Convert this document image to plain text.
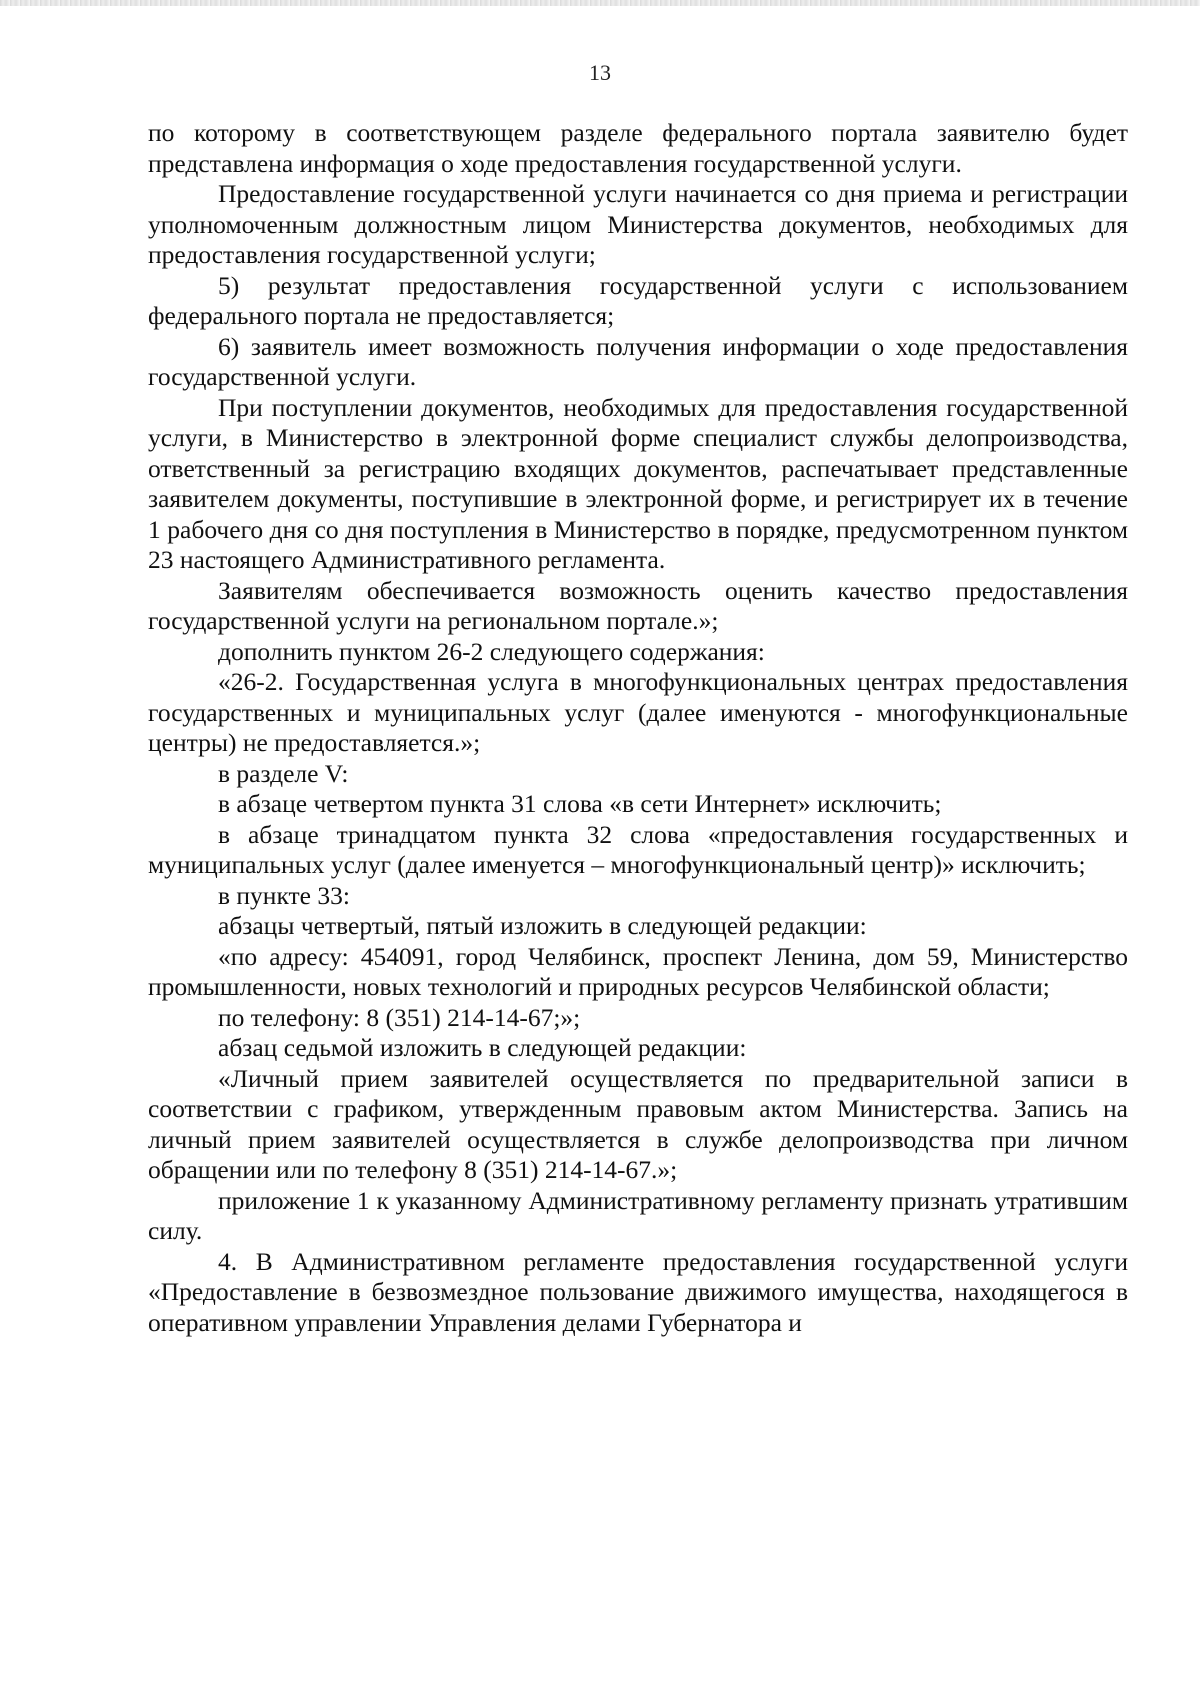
13

по которому в соответствующем разделе федерального портала заявителю будет представлена информация о ходе предоставления государственной услуги.

Предоставление государственной услуги начинается со дня приема и регистрации уполномоченным должностным лицом Министерства документов, необходимых для предоставления государственной услуги;

5) результат предоставления государственной услуги с использованием федерального портала не предоставляется;

6) заявитель имеет возможность получения информации о ходе предоставления государственной услуги.

При поступлении документов, необходимых для предоставления государственной услуги, в Министерство в электронной форме специалист службы делопроизводства, ответственный за регистрацию входящих документов, распечатывает представленные заявителем документы, поступившие в электронной форме, и регистрирует их в течение 1 рабочего дня со дня поступления в Министерство в порядке, предусмотренном пунктом 23 настоящего Административного регламента.

Заявителям обеспечивается возможность оценить качество предоставления государственной услуги на региональном портале.»;

дополнить пунктом 26-2 следующего содержания:

«26-2. Государственная услуга в многофункциональных центрах предоставления государственных и муниципальных услуг (далее именуются - многофункциональные центры) не предоставляется.»;

в разделе V:

в абзаце четвертом пункта 31 слова «в сети Интернет» исключить;

в абзаце тринадцатом пункта 32 слова «предоставления государственных и муниципальных услуг (далее именуется – многофункциональный центр)» исключить;

в пункте 33:

абзацы четвертый, пятый изложить в следующей редакции:

«по адресу: 454091, город Челябинск, проспект Ленина, дом 59, Министерство промышленности, новых технологий и природных ресурсов Челябинской области;

по телефону: 8 (351) 214-14-67;»;

абзац седьмой изложить в следующей редакции:

«Личный прием заявителей осуществляется по предварительной записи в соответствии с графиком, утвержденным правовым актом Министерства. Запись на личный прием заявителей осуществляется в службе делопроизводства при личном обращении или по телефону 8 (351) 214-14-67.»;

приложение 1 к указанному Административному регламенту признать утратившим силу.

4. В Административном регламенте предоставления государственной услуги «Предоставление в безвозмездное пользование движимого имущества, находящегося в оперативном управлении Управления делами Губернатора и
